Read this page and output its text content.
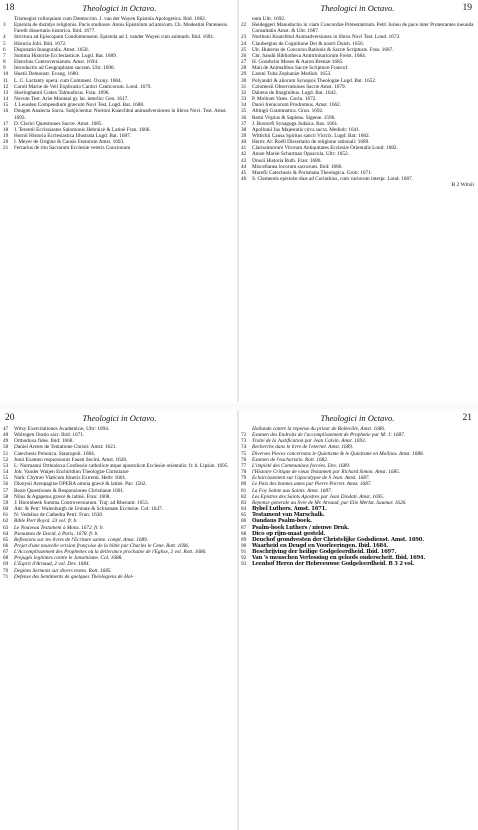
18	Theologici in Octavo.
Trismegist colloquium cum Dæmocrito. J. van der Wayen Epistola Apologetica. Ibid. 1682.
3	Epistola de distidys religionis. Pacis studiosæ. Annis Epistolum ad amicum. Ch. Modestini Parænesis. Farelli dissertatio historica. Ibid. 1677.
4	Strictura ad Episcopum Condomiensem. Epistola ad J. vander Wayen cum animadv. Ibid. 1681.
5	Historia Jobi. Ibid. 1672.
6	Disputatio Inauguralis. Amst. 1658.
7	Summa Historiæ Ecclesiasticæ. Lugd. Bat. 1689.
8	Elenchus Controversiarum. Amst. 1694.
9	Introductio ad Geographiam sacram. Ultr. 1696.
10	Huetii Demonstr. Evang. 1680.
11	L. C. Lactanty opera. cum Comment. Oxony. 1684.
12	Caroli Mariæ de Veil Explicatio Cantici Canticorum. Lond. 1679.
13	Sheringhamii Codex Talmudicus. Fran. 1696.
14	Novum Test. Ariæ Montani gr. lat. interlin: Gen. 1617.
15	J. Leusden Compendium græcum Novi Test. Lugd. Bat. 1688.
16	Dougæi Analecta Sacra. Subjicientur. Nortoni Knatchbul animadversiones in libros Novi. Test. Amst. 1693.
17	D. Clerici Quæstiones Sacræ. Amst. 1685.
18	J. Terentii Ecclesiastes Salomonis Hebraicè & Latinè Fran. 1666.
19	Hornii Historia Ecclesiastica Illustrata Lugd. Bat. 1687.
20	I. Meyer de Origine & Causis Festorum Amst. 1693.
21	Ferrarius de ritu Sacrarum Ecclesiæ veteris Concionum
19
Theologici in Octavo.
num Ultr. 1692.
22	Heideggeri Manuductio in viam Concordiæ Protestantium. Petri Jurieu de pace inter Protestantes ineunda Consultatio Amst. & Ultr. 1687.
23	Northoni Knatchbul Animadversiones in libros Novi Test. Lond. 1672.
24	Claubergius de Cognitione Dei & nostri Duisb. 1656.
25	Ulr. Huberus de Concursu Rationis & Sacræ Scripturæ. Fran. 1687.
26	Chr. Sandii Bibliotheca Antitrinitariorum Freist. 1684.
27	H. Goodwini Moses & Aaron Bremæ 1685.
28	Maii de Animalibus Sacræ Scripturæ Francof.
29	Lareni Tuba Zephaniæ Mediob. 1653.
30	Polyandri & aliorum Synopsis Theologiæ Lugd. Bat. 1652.
31	Colomesii Observationes Sacræ Amst. 1679.
32	Dalæus de Imaginibus. Lugd. Bat. 1642.
33	P. Molinæi Vates. Gorin. 1672.
34	Durei Irenicorum Prodromus. Amst. 1662.
35	Altingii Grammatica. Gron. 1692.
36	Remi Virpius & Sapiens. Sigenæ. 1596.
37	J. Buxtorfi Synagoga Judaica. Bas. 1661.
38	Apollonii Jus Majestatis circa sacra. Mediob: 1641.
39	Wittichii Causa Spiritus sancti Victrix. Lugd: Bat: 1682.
40	Herm: Al: Roëll Dissertatio de religione rationali: 1689.
41	Clarissimorum Virorum Antiquitates Ecclesiæ Orientalis Lond: 1682.
42	Annæ Mariæ Schurman Opuscula, Ultr: 1652.
43	Drusii Historia Ruth. Fran: 1686.
44	Miscellanea locorum sacrorum. Ibid: 1686.
45	Marefii Catechesis & Porismata Theologica. Gron: 1671.
46	S. Clementis epistolæ duæ ad Corinthios, cum variorum interpr. Lond: 1687.
B 2 Witsii
20	Theologici in Octavo.
47	Witsy Exercitationes Academicæ, Ultr: 1694.
48	Woltogen Oratio sacr. Ibid: 1671.
49	Orthodoxa fides. Ibid: 1668.
50	Daniel Arents de Tentatione Christi: Amst: 1621.
51	Catechesis Polonica. Stauropoli. 1684.
52	Junii Examen responsionis Fausti Socini. Amst. 1628.
53	L: Normanni Orthodoxa Confessio catholicæ atque apostolicæ Ecclesiæ orientalis: fr. b. Lipsiæ. 1695.
54	Joh: Vander Waijen Enchiridion Theologiæ Christianæ
55	Nath: Chytræi Viaticum Itineris Extremi. Herb: 1601.
56	Dionysii Areopagitæ OPERA omnia græcè & latinè. Par: 1562.
57	Bezæ Quæstiones & Responsiones Christianæ 1601.
58	Nilus & Agapetus græcè & latinè. Fran: 1608.
59	J: Hoornbeek Summa Controversiarum. Traj: ad Rhenum: 1653.
60	Adr: & Petr: Walenburgh de Unitate & Schismate Ecclesiæ. Col: 1647.
61	N: Vedelius de Cathedra Petri: Fran: 1630.
62	Bible Port Royal. 23 vol: fr. b.
63	Le Nouveau Testament à Mons. 1672. fr. b.
64	Pseaumes de David, à Paris, 1678. fr. b.
65	Reflexions sur les livres de l'Ecriture sainte. compl. Amst. 1689.
66	Projet d'une nouvelle version françoise de la bible par Charles le Cene. Rott. 1696.
67	L'Accomplissement des Propheties où la delivrance prochaine de l'Eglise, 2 vol. Rott. 1686.
68	Prejugés legitimes contre le Jansénisme. Col. 1688.
69	L'Esprit d'Arnaud, 2 vol. Dev. 1684.
70	Dogmes Sermons sur divers textes. Rott. 1685.
71	Defense des Sentiments de quelques Théologiens de Hol-
21
Theologici in Octavo.
Hollande contre la reponse du prieur de Bolleville, Amst. 1686.
72	Examen des Endroits de l'accomplissement de Prophetie par M: J: 1687.
73	Traité de la Justification par Jean Calvin. Amst. 1693.
74	Recherche dans le livre de l'eternel. Amst. 1689.
75	Diverses Pieces concernans le Quietisme & le Quietisme en Molinos. Amst. 1688.
76	Examen de l'eucharistie. Rott. 1682.
77	L'impiété des Communions forcées. Dev. 1689.
78	l'Histoire Critique de vieux Testament par Richard Simon. Amst. 1685.
79	Eclaircissement sur l'apocalypse de S Jean. Amst. 1687.
80	Le Paix des bonnes ames par Pierre Poirret. Amst. 1687.
81	La Foy Sainte aux Saints. Amst. 1687.
82	Les Epistres des Saints Apostres par Jean Diodati. Amst. 1695.
83	Reponse generale au livre de Mr. Arnaud, par Elie Merlat. Saumur. 1626.
84	Bybel Luthers. Amst. 1671.
85	Testament van Marschalk.
86	Oandaus Psalm-boek.
87	Psalm-boek Luthers / nieuwe Druk.
88	Dico op rijm-maat gesteld.
89	Deuchof grondvesten der Christelijke Godsdienst. Amst. 1690.
90	Waarheid en Deugd en Voorleeringen. Ibid. 1684.
91	Beschrijving der heilige Godgeleerdheid. Ibid. 1697.
92	Van 's menschen Verlossing en geloofs onderscheit. Ibid. 1694.
93	Leenhof Heren der Hebreeuwse Godgeleerdheid. B 3 2 vol.
